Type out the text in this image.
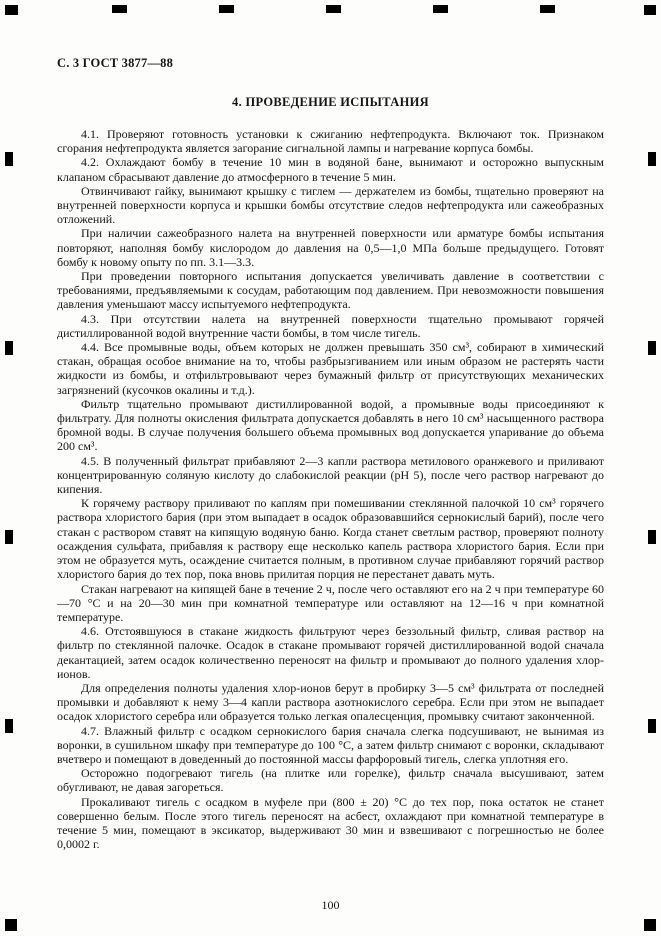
С. 3 ГОСТ 3877—88
4. ПРОВЕДЕНИЕ ИСПЫТАНИЯ

4.1. Проверяют готовность установки к сжиганию нефтепродукта. Включают ток. Признаком сгорания нефтепродукта является загорание сигнальной лампы и нагревание корпуса бомбы.

4.2. Охлаждают бомбу в течение 10 мин в водяной бане, вынимают и осторожно выпускным клапаном сбрасывают давление до атмосферного в течение 5 мин.

Отвинчивают гайку, вынимают крышку с тиглем — держателем из бомбы, тщательно проверяют на внутренней поверхности корпуса и крышки бомбы отсутствие следов нефтепродукта или сажеобразных отложений.

При наличии сажеобразного налета на внутренней поверхности или арматуре бомбы испытания повторяют, наполняя бомбу кислородом до давления на 0,5—1,0 МПа больше предыдущего. Готовят бомбу к новому опыту по пп. 3.1—3.3.

При проведении повторного испытания допускается увеличивать давление в соответствии с требованиями, предъявляемыми к сосудам, работающим под давлением. При невозможности повышения давления уменьшают массу испытуемого нефтепродукта.

4.3. При отсутствии налета на внутренней поверхности тщательно промывают горячей дистиллированной водой внутренние части бомбы, в том числе тигель.

4.4. Все промывные воды, объем которых не должен превышать 350 см³, собирают в химический стакан, обращая особое внимание на то, чтобы разбрызгиванием или иным образом не растерять части жидкости из бомбы, и отфильтровывают через бумажный фильтр от присутствующих механических загрязнений (кусочков окалины и т.д.).

Фильтр тщательно промывают дистиллированной водой, а промывные воды присоединяют к фильтрату. Для полноты окисления фильтрата допускается добавлять в него 10 см³ насыщенного раствора бромной воды. В случае получения большего объема промывных вод допускается упаривание до объема 200 см³.

4.5. В полученный фильтрат прибавляют 2—3 капли раствора метилового оранжевого и приливают концентрированную соляную кислоту до слабокислой реакции (рН 5), после чего раствор нагревают до кипения.

К горячему раствору приливают по каплям при помешивании стеклянной палочкой 10 см³ горячего раствора хлористого бария (при этом выпадает в осадок образовавшийся сернокислый барий), после чего стакан с раствором ставят на кипящую водяную баню. Когда станет светлым раствор, проверяют полноту осаждения сульфата, прибавляя к раствору еще несколько капель раствора хлористого бария. Если при этом не образуется муть, осаждение считается полным, в противном случае прибавляют горячий раствор хлористого бария до тех пор, пока вновь прилитая порция не перестанет давать муть.

Стакан нагревают на кипящей бане в течение 2 ч, после чего оставляют его на 2 ч при температуре 60—70 °С и на 20—30 мин при комнатной температуре или оставляют на 12—16 ч при комнатной температуре.

4.6. Отстоявшуюся в стакане жидкость фильтруют через беззольный фильтр, сливая раствор на фильтр по стеклянной палочке. Осадок в стакане промывают горячей дистиллированной водой сначала декантацией, затем осадок количественно переносят на фильтр и промывают до полного удаления хлор-ионов.

Для определения полноты удаления хлор-ионов берут в пробирку 3—5 см³ фильтрата от последней промывки и добавляют к нему 3—4 капли раствора азотнокислого серебра. Если при этом не выпадает осадок хлористого серебра или образуется только легкая опалесценция, промывку считают законченной.

4.7. Влажный фильтр с осадком сернокислого бария сначала слегка подсушивают, не вынимая из воронки, в сушильном шкафу при температуре до 100 °С, а затем фильтр снимают с воронки, складывают вчетверо и помещают в доведенный до постоянной массы фарфоровый тигель, слегка уплотняя его.

Осторожно подогревают тигель (на плитке или горелке), фильтр сначала высушивают, затем обугливают, не давая загореться.

Прокаливают тигель с осадком в муфеле при (800 ± 20) °С до тех пор, пока остаток не станет совершенно белым. После этого тигель переносят на асбест, охлаждают при комнатной температуре в течение 5 мин, помещают в эксикатор, выдерживают 30 мин и взвешивают с погрешностью не более 0,0002 г.

100
